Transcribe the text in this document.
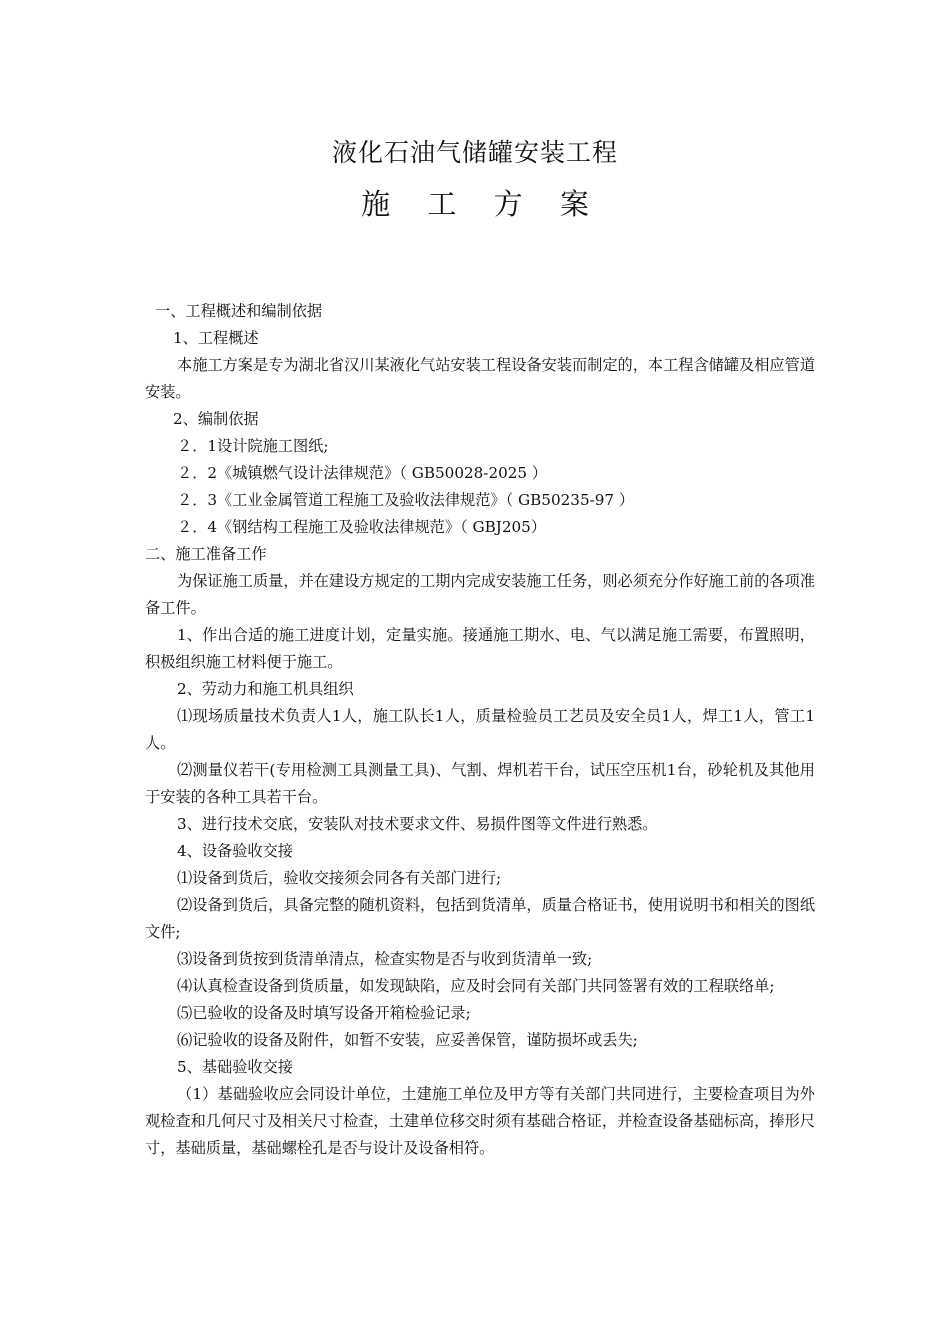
液化石油气储罐安装工程
施 工 方 案

一、工程概述和编制依据

1、工程概述

本施工方案是专为湖北省汉川某液化气站安装工程设备安装而制定的，本工程含储罐及相应管道安装。

2、编制依据

２．1设计院施工图纸;

２．2《城镇燃气设计法律规范》（ GB50028-2025 ）

２．3《工业金属管道工程施工及验收法律规范》（ GB50235-97 ）

２．4《钢结构工程施工及验收法律规范》（ GBJ205）

二、施工准备工作

为保证施工质量，并在建设方规定的工期内完成安装施工任务，则必须充分作好施工前的各项准备工件。

1、作出合适的施工进度计划，定量实施。接通施工期水、电、气以满足施工需要，布置照明，积极组织施工材料便于施工。

2、劳动力和施工机具组织

⑴现场质量技术负责人1人，施工队长1人，质量检验员工艺员及安全员1人，焊工1人，管工1人。

⑵测量仪若干(专用检测工具测量工具)、气割、焊机若干台，试压空压机1台，砂轮机及其他用于安装的各种工具若干台。

3、进行技术交底，安装队对技术要求文件、易损件图等文件进行熟悉。

4、设备验收交接

⑴设备到货后，验收交接须会同各有关部门进行;

⑵设备到货后，具备完整的随机资料，包括到货清单，质量合格证书，使用说明书和相关的图纸文件;

⑶设备到货按到货清单清点，检查实物是否与收到货清单一致;

⑷认真检查设备到货质量，如发现缺陷，应及时会同有关部门共同签署有效的工程联络单;

⑸已验收的设备及时填写设备开箱检验记录;

⑹记验收的设备及附件，如暂不安装，应妥善保管，谨防损坏或丢失;

5、基础验收交接

（1）基础验收应会同设计单位，土建施工单位及甲方等有关部门共同进行，主要检查项目为外观检查和几何尺寸及相关尺寸检查，土建单位移交时须有基础合格证，并检查设备基础标高，捧形尺寸，基础质量，基础螺栓孔是否与设计及设备相符。
